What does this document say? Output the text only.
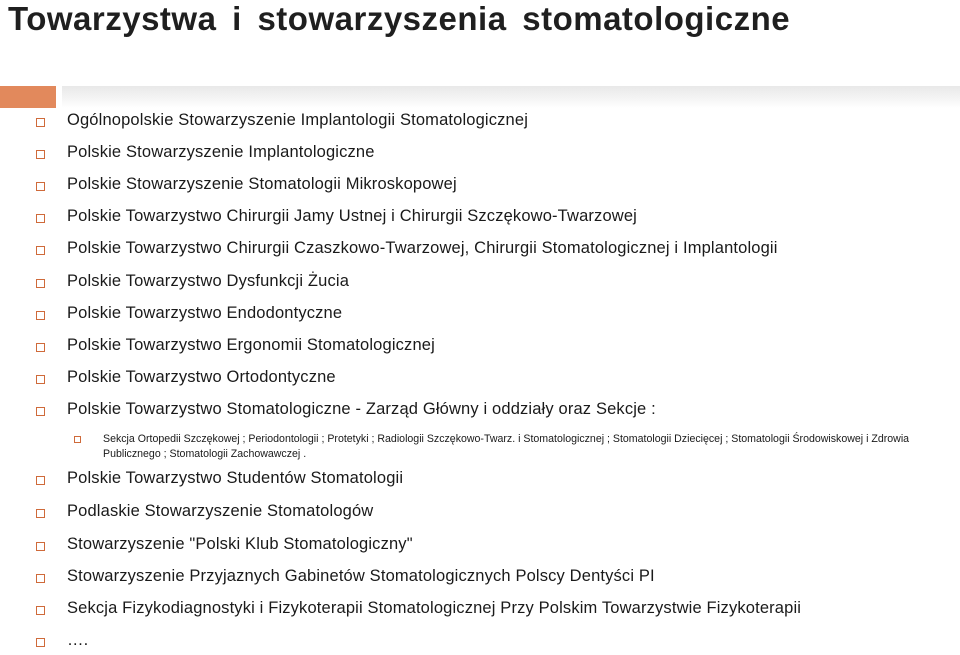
Towarzystwa i stowarzyszenia stomatologiczne
Ogólnopolskie Stowarzyszenie Implantologii Stomatologicznej
Polskie Stowarzyszenie Implantologiczne
Polskie Stowarzyszenie Stomatologii Mikroskopowej
Polskie Towarzystwo Chirurgii Jamy Ustnej i Chirurgii Szczękowo-Twarzowej
Polskie Towarzystwo Chirurgii Czaszkowo-Twarzowej, Chirurgii Stomatologicznej i Implantologii
Polskie Towarzystwo Dysfunkcji Żucia
Polskie Towarzystwo Endodontyczne
Polskie Towarzystwo Ergonomii Stomatologicznej
Polskie Towarzystwo Ortodontyczne
Polskie Towarzystwo Stomatologiczne - Zarząd Główny i oddziały oraz Sekcje :
Sekcja Ortopedii Szczękowej ; Periodontologii ; Protetyki ; Radiologii Szczękowo-Twarz. i Stomatologicznej ; Stomatologii Dziecięcej ; Stomatologii Środowiskowej i Zdrowia Publicznego ; Stomatologii Zachowawczej .
Polskie Towarzystwo Studentów Stomatologii
Podlaskie Stowarzyszenie Stomatologów
Stowarzyszenie "Polski Klub Stomatologiczny"
Stowarzyszenie Przyjaznych Gabinetów Stomatologicznych Polscy Dentyści PI
Sekcja Fizykodiagnostyki i Fizykoterapii Stomatologicznej Przy Polskim Towarzystwie Fizykoterapii
….
